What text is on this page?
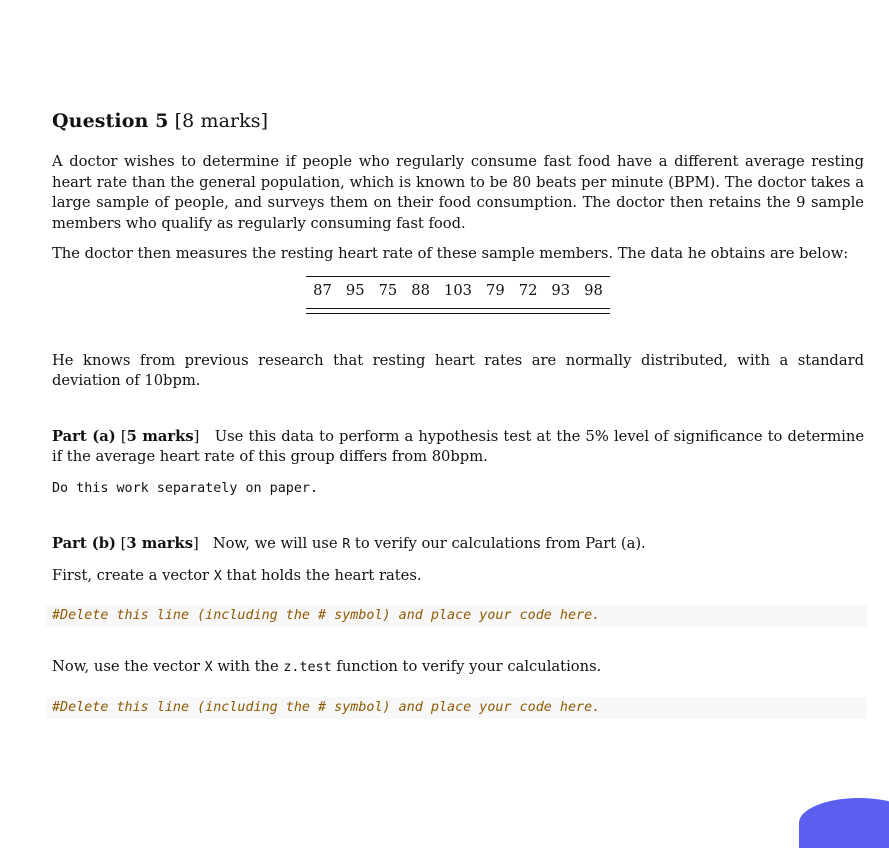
Question 5 [8 marks]

A doctor wishes to determine if people who regularly consume fast food have a different average resting heart rate than the general population, which is known to be 80 beats per minute (BPM). The doctor takes a large sample of people, and surveys them on their food consumption. The doctor then retains the 9 sample members who qualify as regularly consuming fast food.

The doctor then measures the resting heart rate of these sample members. The data he obtains are below:

87	95	75	88	103	79	72	93	98

He knows from previous research that resting heart rates are normally distributed, with a standard deviation of 10bpm.

Part (a) [5 marks] Use this data to perform a hypothesis test at the 5% level of significance to determine if the average heart rate of this group differs from 80bpm.

Do this work separately on paper.

Part (b) [3 marks] Now, we will use R to verify our calculations from Part (a).

First, create a vector X that holds the heart rates.

#Delete this line (including the # symbol) and place your code here.

Now, use the vector X with the z.test function to verify your calculations.

#Delete this line (including the # symbol) and place your code here.
